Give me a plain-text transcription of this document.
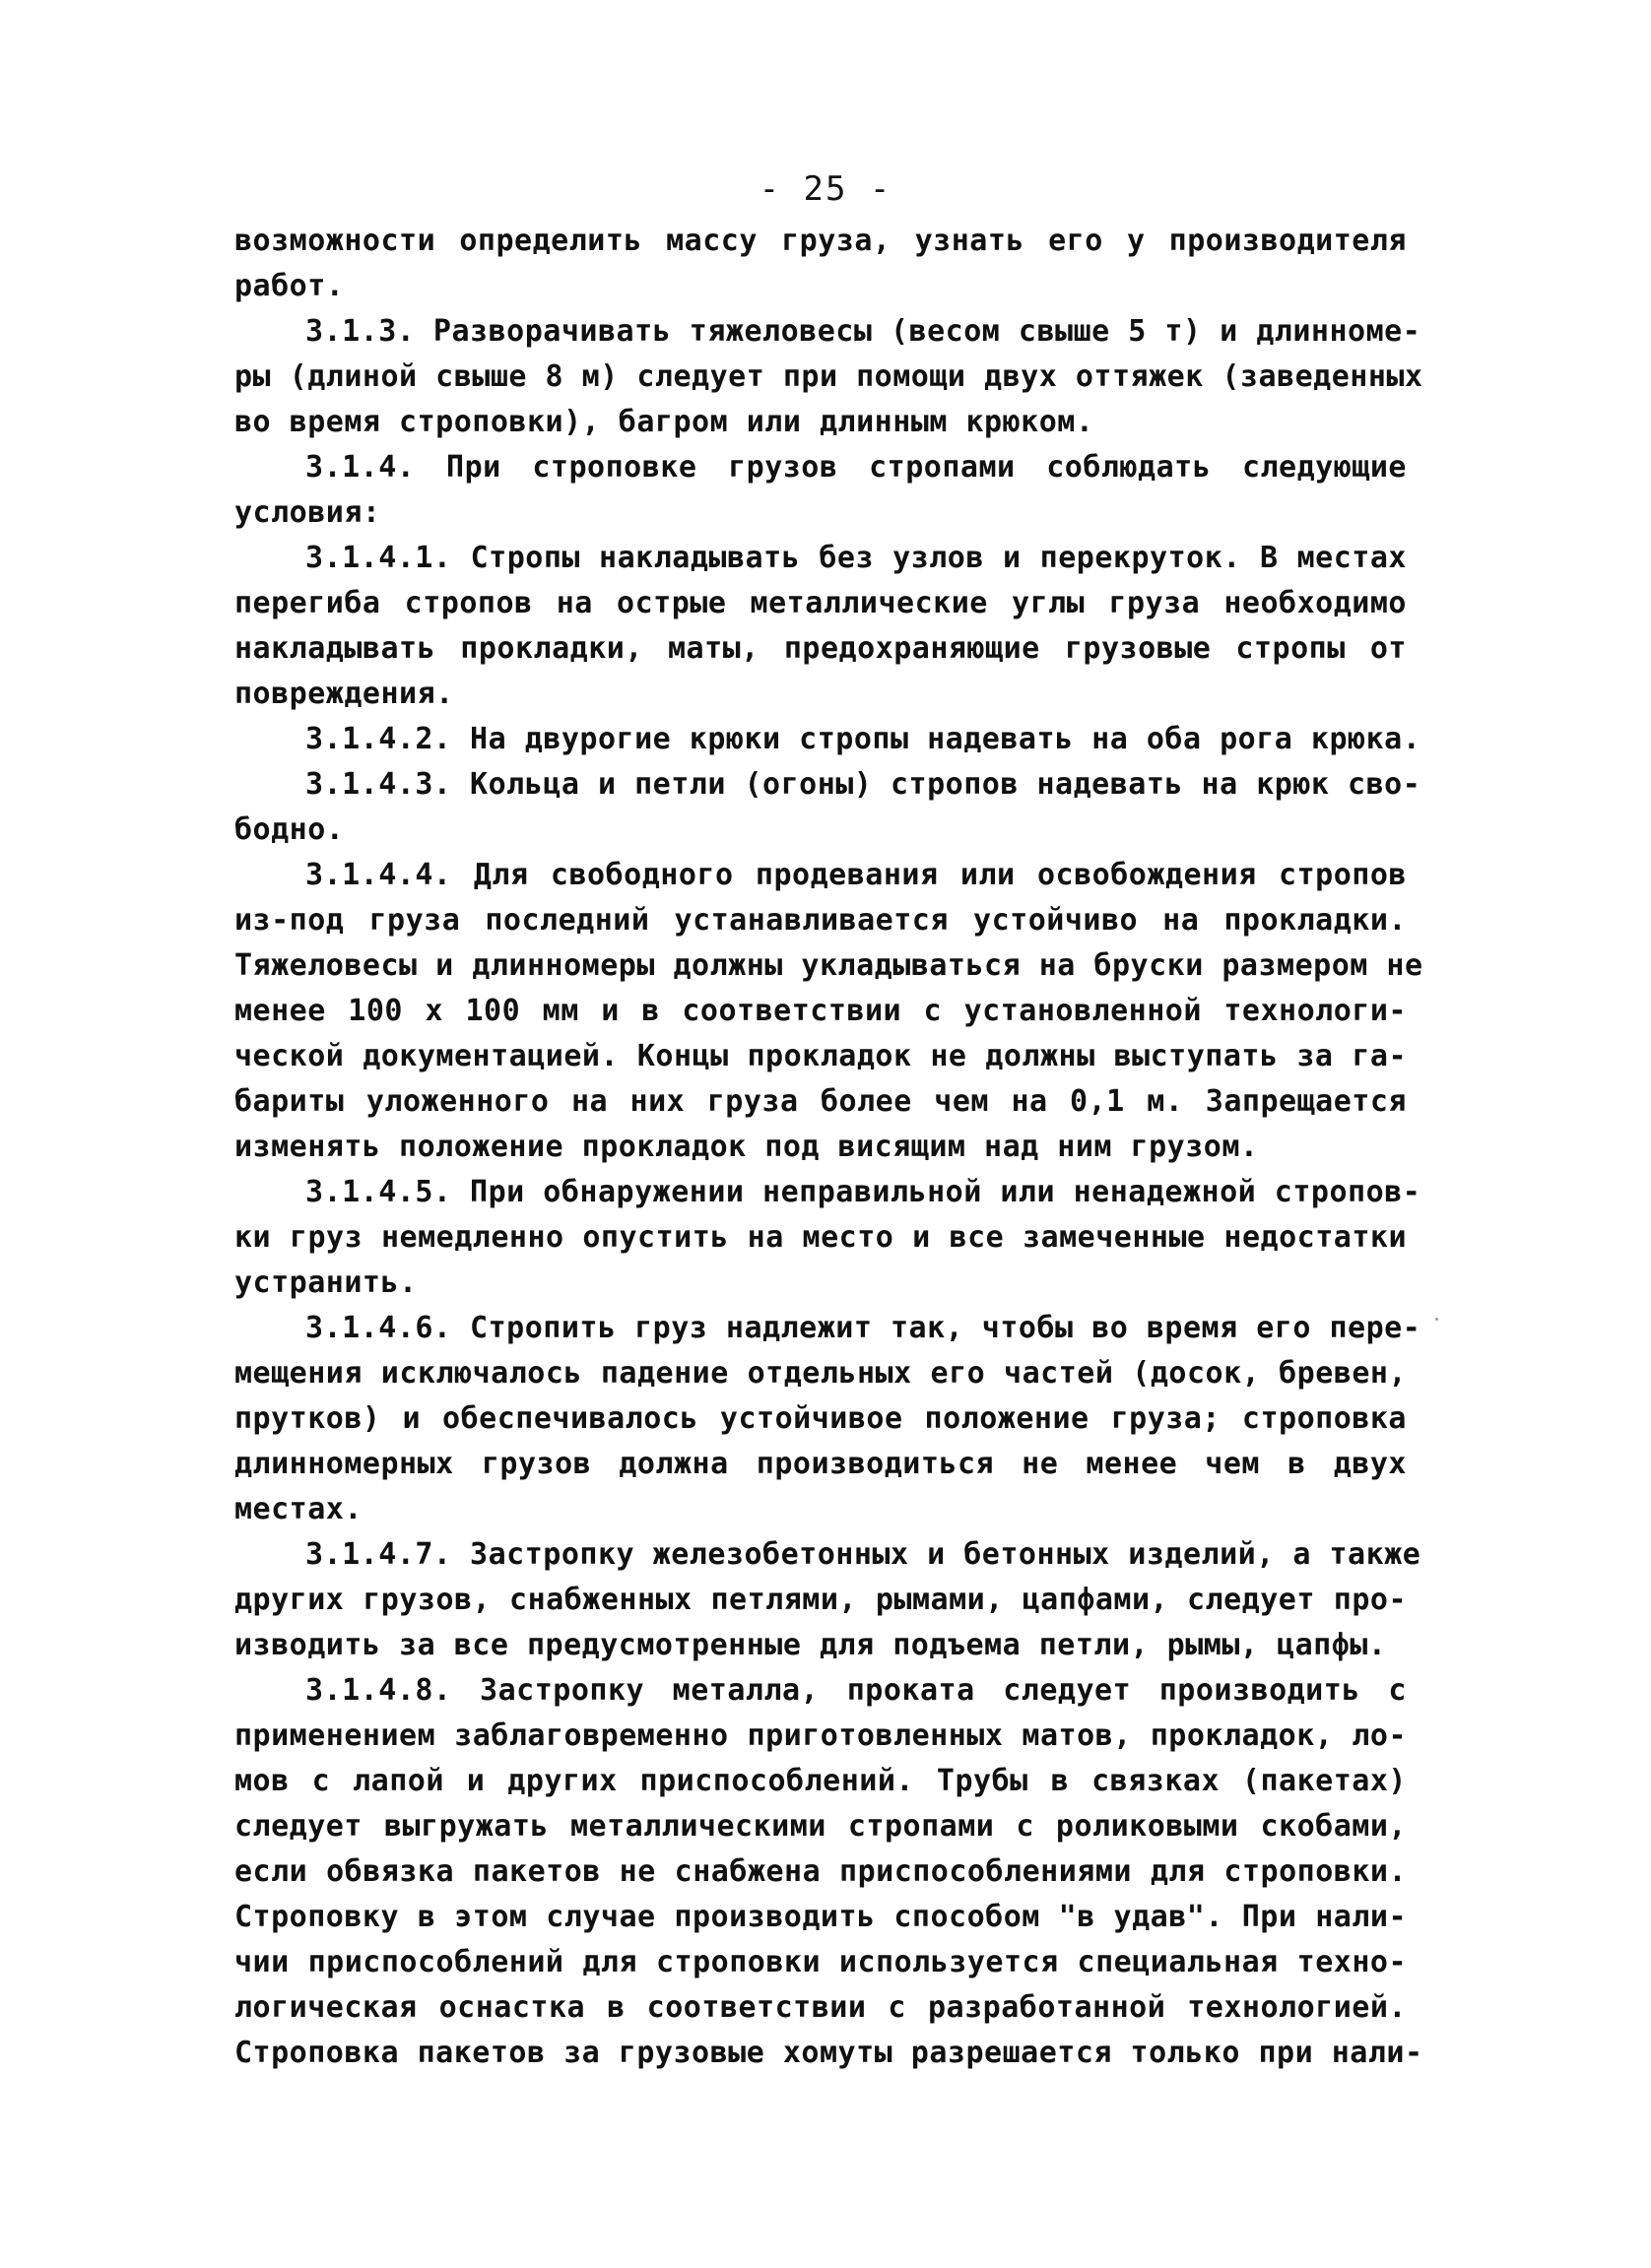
- 25 -
возможности определить массу груза, узнать его у производителя
работ.
3.1.3. Разворачивать тяжеловесы (весом свыше 5 т) и длинноме-
ры (длиной свыше 8 м) следует при помощи двух оттяжек (заведенных
во время строповки), багром или длинным крюком.
3.1.4. При строповке грузов стропами соблюдать следующие
условия:
3.1.4.1. Стропы накладывать без узлов и перекруток. В местах
перегиба стропов на острые металлические углы груза необходимо
накладывать прокладки, маты, предохраняющие грузовые стропы от
повреждения.
3.1.4.2. На двурогие крюки стропы надевать на оба рога крюка.
3.1.4.3. Кольца и петли (огоны) стропов надевать на крюк сво-
бодно.
3.1.4.4. Для свободного продевания или освобождения стропов
из-под груза последний устанавливается устойчиво на прокладки.
Тяжеловесы и длинномеры должны укладываться на бруски размером не
менее 100 х 100 мм и в соответствии с установленной технологи-
ческой документацией. Концы прокладок не должны выступать за га-
бариты уложенного на них груза более чем на 0,1 м. Запрещается
изменять положение прокладок под висящим над ним грузом.
3.1.4.5. При обнаружении неправильной или ненадежной стропов-
ки груз немедленно опустить на место и все замеченные недостатки
устранить.
3.1.4.6. Стропить груз надлежит так, чтобы во время его пере-
мещения исключалось падение отдельных его частей (досок, бревен,
прутков) и обеспечивалось устойчивое положение груза; строповка
длинномерных грузов должна производиться не менее чем в двух
местах.
3.1.4.7. Застропку железобетонных и бетонных изделий, а также
других грузов, снабженных петлями, рымами, цапфами, следует про-
изводить за все предусмотренные для подъема петли, рымы, цапфы.
3.1.4.8. Застропку металла, проката следует производить с
применением заблаговременно приготовленных матов, прокладок, ло-
мов с лапой и других приспособлений. Трубы в связках (пакетах)
следует выгружать металлическими стропами с роликовыми скобами,
если обвязка пакетов не снабжена приспособлениями для строповки.
Строповку в этом случае производить способом "в удав". При нали-
чии приспособлений для строповки используется специальная техно-
логическая оснастка в соответствии с разработанной технологией.
Строповка пакетов за грузовые хомуты разрешается только при нали-
